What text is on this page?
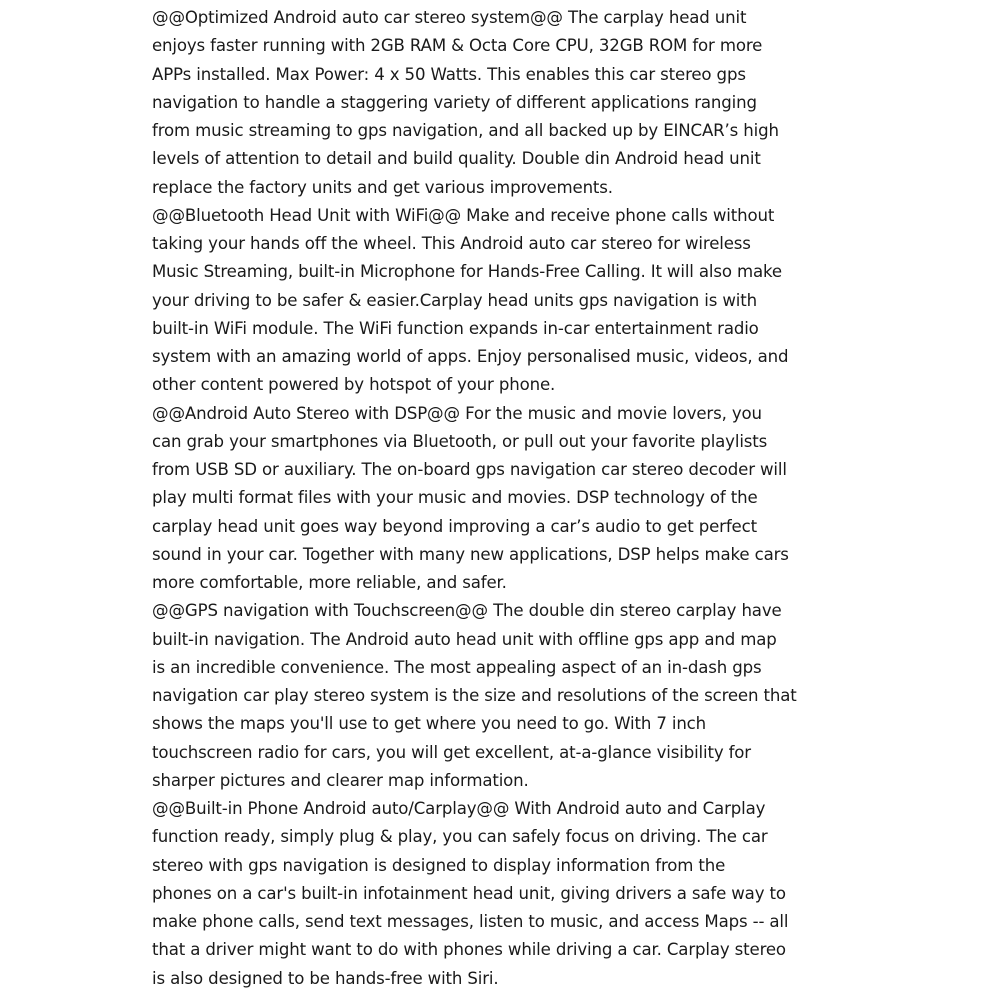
@@Optimized Android auto car stereo system@@ The carplay head unit
enjoys faster running with 2GB RAM & Octa Core CPU, 32GB ROM for more
APPs installed. Max Power: 4 x 50 Watts. This enables this car stereo gps
navigation to handle a staggering variety of different applications ranging
from music streaming to gps navigation, and all backed up by EINCAR’s high
levels of attention to detail and build quality. Double din Android head unit
replace the factory units and get various improvements.

@@Bluetooth Head Unit with WiFi@@ Make and receive phone calls without
taking your hands off the wheel. This Android auto car stereo for wireless
Music Streaming, built-in Microphone for Hands-Free Calling. It will also make
your driving to be safer & easier.Carplay head units gps navigation is with
built-in WiFi module. The WiFi function expands in-car entertainment radio
system with an amazing world of apps. Enjoy personalised music, videos, and
other content powered by hotspot of your phone.

@@Android Auto Stereo with DSP@@ For the music and movie lovers, you
can grab your smartphones via Bluetooth, or pull out your favorite playlists
from USB SD or auxiliary. The on-board gps navigation car stereo decoder will
play multi format files with your music and movies. DSP technology of the
carplay head unit goes way beyond improving a car’s audio to get perfect
sound in your car. Together with many new applications, DSP helps make cars
more comfortable, more reliable, and safer.

@@GPS navigation with Touchscreen@@ The double din stereo carplay have
built-in navigation. The Android auto head unit with offline gps app and map
is an incredible convenience. The most appealing aspect of an in-dash gps
navigation car play stereo system is the size and resolutions of the screen that
shows the maps you'll use to get where you need to go. With 7 inch
touchscreen radio for cars, you will get excellent, at-a-glance visibility for
sharper pictures and clearer map information.

@@Built-in Phone Android auto/Carplay@@ With Android auto and Carplay
function ready, simply plug & play, you can safely focus on driving. The car
stereo with gps navigation is designed to display information from the
phones on a car's built-in infotainment head unit, giving drivers a safe way to
make phone calls, send text messages, listen to music, and access Maps -- all
that a driver might want to do with phones while driving a car. Carplay stereo
is also designed to be hands-free with Siri.
